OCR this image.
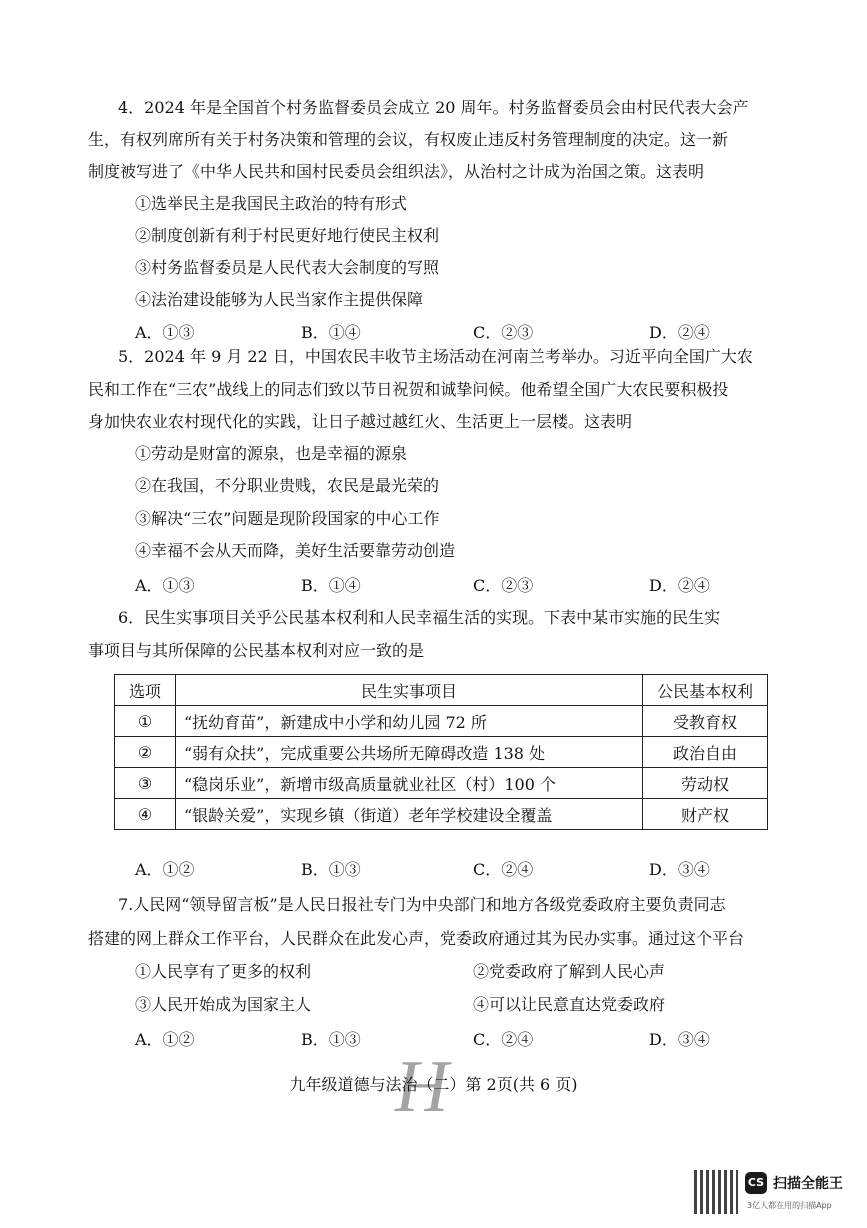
4．2024 年是全国首个村务监督委员会成立 20 周年。村务监督委员会由村民代表大会产
生，有权列席所有关于村务决策和管理的会议，有权废止违反村务管理制度的决定。这一新
制度被写进了《中华人民共和国村民委员会组织法》，从治村之计成为治国之策。这表明
①选举民主是我国民主政治的特有形式
②制度创新有利于村民更好地行使民主权利
③村务监督委员是人民代表大会制度的写照
④法治建设能够为人民当家作主提供保障
A．①③	B．①④	C．②③	D．②④
5．2024 年 9 月 22 日，中国农民丰收节主场活动在河南兰考举办。习近平向全国广大农
民和工作在“三农”战线上的同志们致以节日祝贺和诚挚问候。他希望全国广大农民要积极投
身加快农业农村现代化的实践，让日子越过越红火、生活更上一层楼。这表明
①劳动是财富的源泉，也是幸福的源泉
②在我国，不分职业贵贱，农民是最光荣的
③解决“三农”问题是现阶段国家的中心工作
④幸福不会从天而降，美好生活要靠劳动创造
A．①③	B．①④	C．②③	D．②④
6．民生实事项目关乎公民基本权利和人民幸福生活的实现。下表中某市实施的民生实
事项目与其所保障的公民基本权利对应一致的是
选项	民生实事项目	公民基本权利
①	“抚幼育苗”，新建成中小学和幼儿园 72 所	受教育权
②	“弱有众扶”，完成重要公共场所无障碍改造 138 处	政治自由
③	“稳岗乐业”，新增市级高质量就业社区（村）100 个	劳动权
④	“银龄关爱”，实现乡镇（街道）老年学校建设全覆盖	财产权
A．①②	B．①③	C．②④	D．③④
7.人民网“领导留言板”是人民日报社专门为中央部门和地方各级党委政府主要负责同志
搭建的网上群众工作平台，人民群众在此发心声，党委政府通过其为民办实事。通过这个平台
①人民享有了更多的权利	②党委政府了解到人民心声
③人民开始成为国家主人	④可以让民意直达党委政府
A．①②	B．①③	C．②④	D．③④
H
九年级道德与法治（二）第 2页(共 6 页)
CS 扫描全能王
3亿人都在用的扫描App
